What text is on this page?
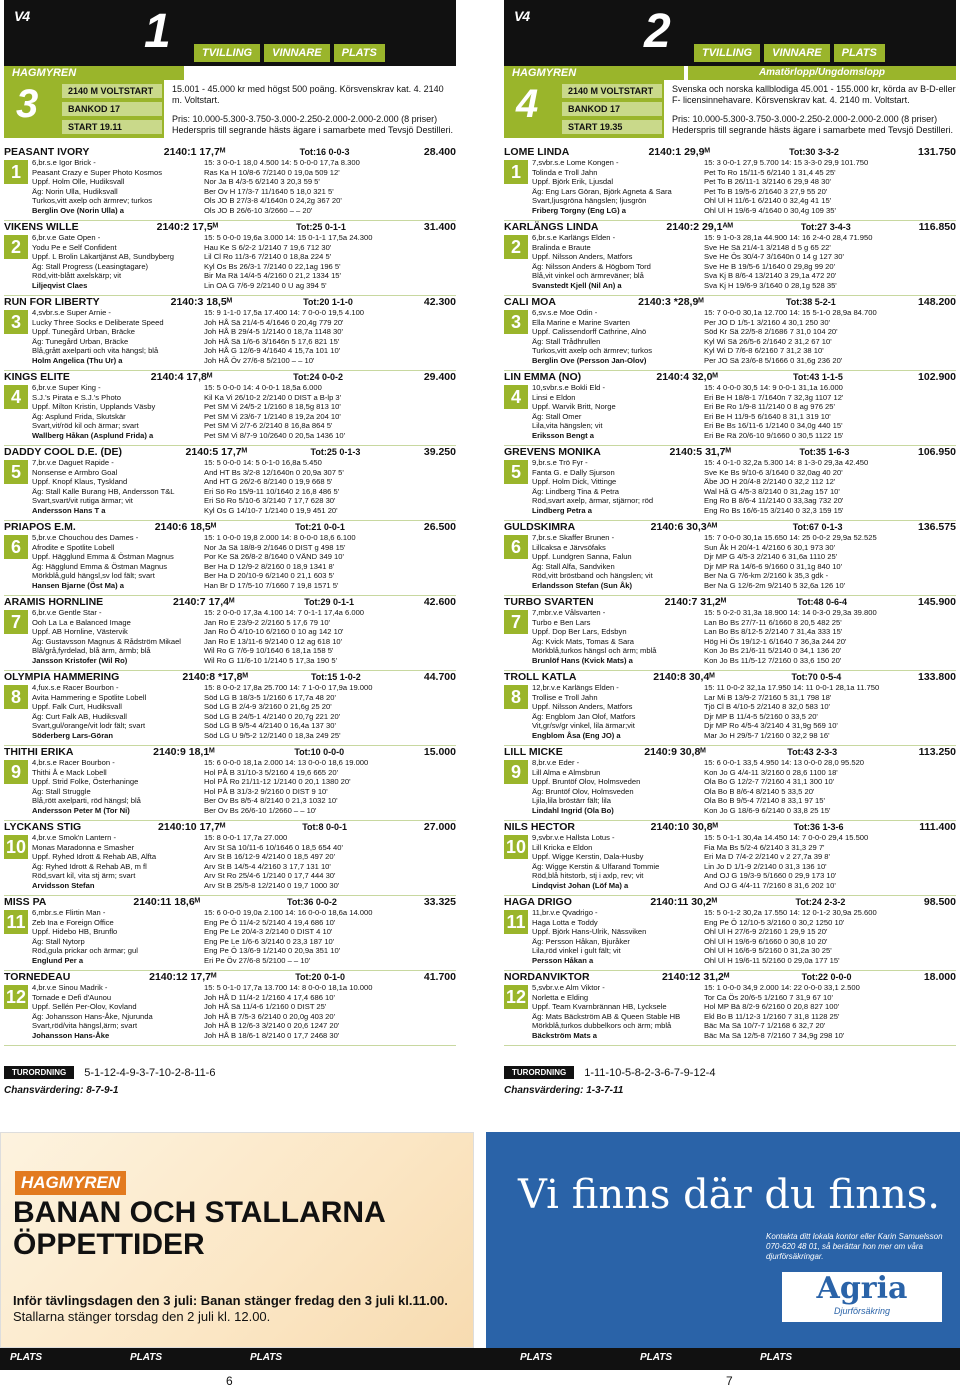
$^{V4}$ 1	TVILLING	VINNARE	PLATS
HAGMYREN
3	2140 M VOLTSTART
BANKOD 17
START 19.11
15.001 - 45.000 kr med högst 500 poäng. Körsvenskrav kat. 4. 2140 m. Voltstart.
Pris: 10.000-5.300-3.750-3.000-2.250-2.000-2.000-2.000 (8 priser)
Hederspris till segrande hästs ägare i samarbete med Tevsjö Destilleri.
PEASANT IVORY	2140:1 17,7ᴹ	Tot:16 0-0-3	28.400
1	6,br.s.e Igor Brick -
Peasant Crazy e Super Photo Kosmos
Uppf. Holm Olle, Hudiksvall
Äg: Norin Ulla, Hudiksvall
Turkos,vitt axelp och ärmrev; turkos
Berglin Ove (Norin Ulla) a
15: 3 0-0-1 18,0 4.500 14: 5 0-0-0 17,7a 8.300
Ras Ka H 10/8-6 7/2140 0 19,0a 509 12'
Nor Ja B 4/3-5 6/2140 3 20,3 59 5'
Ber Ov H 17/3-7 11/1640 5 18,0 321 5'
Ols JO B 27/3-8 4/1640n 0 24,2g 367 20'
Ols JO B 26/6-10 3/2660 – – 20'
VIKENS WILLE	2140:2 17,5ᴹ	Tot:25 0-1-1	31.400
2	6,br.v.e Gate Open -
Yodu Pe e Self Confident
Uppf. L Brolin Läkartjänst AB, Sundbyberg
Äg: Stall Progress (Leasingtagare)
Röd,vitt-blått axelskärp; vit
Liljeqvist Claes
15: 5 0-0-0 19,6a 3.000 14: 15 0-1-1 17,5a 24.300
Hau Ke S 6/2-2 1/2140 7 19,6 712 30'
Lil Cl Ro 11/3-6 7/2140 0 18,8a 224 5'
Kyl Os Bs 26/3-1 7/2140 0 22,1ag 196 5'
Bir Ma Rä 14/4-5 4/2160 0 21,2 1334 15'
Lin OA G 7/6-9 2/2140 0 U ag 394 5'
RUN FOR LIBERTY	2140:3 18,5ᴹ	Tot:20 1-1-0	42.300
3	4,svbr.s.e Super Arnie -
Lucky Three Socks e Deliberate Speed
Uppf. Tunegård Urban, Bräcke
Äg: Tunegård Urban, Bräcke
Blå,grått axelparti och vita hängsl; blå
Holm Angelica (Thu Ur) a
15: 9 1-1-0 17,5a 17.400 14: 7 0-0-0 19,5 4.100
Joh HÅ Sä 21/4-5 4/1646 0 20,4g 779 20'
Joh HÅ B 29/4-5 1/2140 0 18,7a 1148 30'
Joh HÅ Sä 1/6-6 3/1646n 5 17,6 821 15'
Joh HÅ G 12/6-9 4/1640 4 15,7a 101 10'
Joh HÅ Öv 27/6-8 5/2100 – – 10'
KINGS ELITE	2140:4 17,8ᴹ	Tot:24 0-0-2	29.400
4	6,br.v.e Super King -
S.J.'s Pirata e S.J.'s Photo
Uppf. Milton Kristin, Upplands Väsby
Äg: Asplund Frida, Skutskär
Svart,vit/röd kil och ärmar; svart
Wallberg Håkan (Asplund Frida) a
15: 5 0-0-0 14: 4 0-0-1 18,5a 6.000
Kil Ka Vi 26/10-2 2/2140 0 DIST a B-lp 3'
Pet SM Vi 24/5-2 1/2160 8 18,5g 813 10'
Pet SM Vi 23/6-7 1/2140 8 19,2a 204 10'
Pet SM Vi 2/7-6 2/2140 8 16,8a 864 5'
Pet SM Vi 8/7-9 10/2640 0 20,5a 1436 10'
DADDY COOL D.E. (DE)	2140:5 17,7ᴹ	Tot:25 0-1-3	39.250
5	7,br.v.e Daguet Rapide -
Nonsense e Armbro Goal
Uppf. Knopf Klaus, Tyskland
Äg: Stall Kalle Burang HB, Andersson T&L
Svart,svart/vit rutiga ärmar; vit
Andersson Hans T a
15: 5 0-0-0 14: 5 0-1-0 16,8a 5.450
And HT Bs 3/2-8 12/1640n 0 20,9a 307 5'
And HT G 26/2-6 8/2140 0 19,9 668 5'
Eri Sö Ro 15/9-11 10/1640 2 16,8 486 5'
Eri Sö Ro 5/10-6 3/2140 7 17,7 628 30'
Kyl Os G 14/10-7 1/2140 0 19,9 451 20'
PRIAPOS E.M.	2140:6 18,5ᴹ	Tot:21 0-0-1	26.500
6	5,br.v.e Chouchou des Dames -
Afrodite e Spotlite Lobell
Uppf. Hägglund Emma & Östman Magnus
Äg: Hägglund Emma & Östman Magnus
Mörkblå,guld hängsl,sv lod fält; svart
Hansen Bjarne (Öst Ma) a
15: 1 0-0-0 19,8 2.000 14: 8 0-0-0 18,6 6.100
Nor Ja Sä 18/8-9 2/1646 0 DIST g 498 15'
Por Ke Sä 26/8-2 8/1640 0 VÄND 349 10'
Ber Ha D 12/9-2 8/2160 0 18,9 1341 8'
Ber Ha D 20/10-9 6/2140 0 21,1 603 5'
Han Br D 17/5-10 7/1660 7 19,8 1571 5'
ARAMIS HORNLINE	2140:7 17,4ᴹ	Tot:29 0-1-1	42.600
7	6,br.v.e Gentle Star -
Ooh La La e Balanced Image
Uppf. AB Hornline, Västervik
Äg: Gustavsson Magnus & Rådström Mikael
Blå/grå,fyrdelad, blå ärm, ärmb; blå
Jansson Kristofer (Wil Ro)
15: 2 0-0-0 17,3a 4.100 14: 7 0-1-1 17,4a 6.000
Jan Ro E 23/9-2 2/2160 5 17,6 79 10'
Jan Ro Ö 4/10-10 6/2160 0 10 ag 142 10'
Jan Ro E 13/11-6 9/2140 0 12 ag 618 10'
Wil Ro G 7/6-9 10/1640 6 18,1a 158 5'
Wil Ro G 11/6-10 1/2140 5 17,3a 190 5'
OLYMPIA HAMMERING	2140:8 *17,8ᴹ	Tot:15 1-0-2	44.700
8	4,fux.s.e Racer Bourbon -
Avita Hammering e Spotlite Lobell
Uppf. Falk Curt, Hudiksvall
Äg: Curt Falk AB, Hudiksvall
Svart,gul/orange/vit lodr fält; svart
Söderberg Lars-Göran
15: 8 0-0-2 17,8a 25.700 14: 7 1-0-0 17,9a 19.000
Söd LG B 18/3-5 1/2160 6 17,7a 48 20'
Söd LG B 2/4-9 3/2160 0 21,6g 25 20'
Söd LG B 24/5-1 4/2140 0 20,7g 221 20'
Söd LG B 9/5-4 4/2140 0 16,4a 137 30'
Söd LG U 9/5-2 12/2140 0 18,3a 249 25'
THITHI ERIKA	2140:9 18,1ᴹ	Tot:10 0-0-0	15.000
9	4,br.s.e Racer Bourbon -
Thithi Å e Mack Lobell
Uppf. Strid Folke, Österhaninge
Äg: Stall Struggle
Blå,rött axelparti, röd hängsl; blå
Andersson Peter M (Tor Ni)
15: 6 0-0-0 18,1a 2.000 14: 13 0-0-0 18,6 19.000
Hol PÅ B 31/10-3 5/2160 4 19,6 665 20'
Hol PÅ Ro 21/11-12 1/2140 0 20,1 1380 20'
Hol PÅ B 31/3-2 9/2160 0 DIST 9 10'
Ber Ov Bs 8/5-4 8/2140 0 21,3 1032 10'
Ber Ov Bs 26/6-10 1/2660 – – 10'
LYCKANS STIG	2140:10 17,7ᴹ	Tot:8 0-0-1	27.000
10 4,br.v.e Smok'n Lantern -
Monas Maradonna e Smasher
Uppf. Ryhed Idrott & Rehab AB, Alfta
Äg: Ryhed Idrott & Rehab AB, m fl
Röd,svart kil, vita stj ärm; svart
Arvidsson Stefan
15: 8 0-0-1 17,7a 27.000
Arv St Sä 10/11-6 10/1646 0 18,5 654 40'
Arv St B 16/12-9 4/2140 0 18,5 497 20'
Arv St B 14/5-4 4/2160 3 17,7 131 10'
Arv St Ro 25/4-6 1/2140 0 17,7 444 30'
Arv St B 25/5-8 12/2140 0 19,7 1000 30'
MISS PA	2140:11 18,6ᴹ	Tot:36 0-0-2	33.325
11 6,mbr.s.e Flirtin Man -
Zeb Ina e Foreign Office
Uppf. Hidebo HB, Brunflo
Äg: Stall Nytorp
Röd,gula prickar och ärmar; gul
Englund Per a
15: 6 0-0-0 19,0a 2.100 14: 16 0-0-0 18,6a 14.000
Eng Pe Ö 11/4-2 5/2140 4 19,4 686 10'
Eng Pe Le 20/4-3 2/2140 0 DIST 4 10'
Eng Pe Le 1/6-6 3/2140 0 23,3 187 10'
Eng Pe Ö 13/6-9 1/2140 0 20,9a 351 10'
Eri Pe Öv 27/6-8 5/2100 – – 10'
TORNEDEAU	2140:12 17,7ᴹ	Tot:20 0-1-0	41.700
12 4,br.v.e Sinou Madrik -
Tornade e Defi d'Aunou
Uppf. Sellén Per-Olov, Kovland
Äg: Johansson Hans-Åke, Njurunda
Svart,röd/vita hängsl,ärm; svart
Johansson Hans-Åke
15: 5 0-1-0 17,7a 13.700 14: 8 0-0-0 18,1a 10.000
Joh HÅ D 11/4-2 1/2160 4 17,4 686 10'
Joh HÅ Sä 11/4-6 1/2160 0 DIST 25'
Joh HÅ B 7/5-3 6/2140 0 20,0g 403 20'
Joh HÅ B 12/6-3 3/2140 0 20,6 1247 20'
Joh HÅ B 18/6-1 8/2140 0 17,7 2468 30'
TURORDNING	5-1-12-4-9-3-7-10-2-8-11-6
Chansvärdering: 8-7-9-1
$^{V4}$ 2	TVILLING	VINNARE	PLATS
HAGMYREN	Amatörlopp/Ungdomslopp
4	2140 M VOLTSTART
BANKOD 17
START 19.35
Svenska och norska kallblodiga 45.001 - 155.000 kr, körda av B-D-eller F- licensinnehavare. Körsvenskrav kat. 4. 2140 m. Voltstart.
Pris: 10.000-5.300-3.750-3.000-2.250-2.000-2.000-2.000 (8 priser)
Hederspris till segrande hästs ägare i samarbete med Tevsjö Destilleri.
LOME LINDA	2140:1 29,9ᴹ	Tot:30 3-3-2	131.750
1	7,svbr.s.e Lome Kongen -
Tolinda e Troll Jahn
Uppf. Björk Erik, Ljusdal
Äg: Eng Lars Göran, Björk Agneta & Sara
Svart,ljusgröna hängslen; ljusgrön
Friberg Torgny (Eng LG) a
15: 3 0-0-1 27,9 5.700 14: 15 3-3-0 29,9 101.750
Pet To Ro 15/11-5 6/2140 1 31,4 45 25'
Pet To B 26/11-1 3/2140 6 29,9 48 30'
Pet To B 19/5-6 2/1640 3 27,9 55 20'
Ohl Ul H 11/6-1 6/2140 0 32,4g 41 15'
Ohl Ul H 19/6-9 4/1640 0 30,4g 109 35'
KARLÄNGS LINDA	2140:2 29,1ᴬᴹ	Tot:27 3-4-3	116.850
2	6,br.s.e Karlängs Elden -
Bralinda e Braute
Uppf. Nilsson Anders, Matfors
Äg: Nilsson Anders & Högbom Tord
Blå,vit vinkel och ärmreväner; blå
Svanstedt Kjell (Nil An) a
15: 9 1-0-3 28,1a 44.900 14: 16 2-4-0 28,4 71.950
Sve He Sä 21/4-1 3/2148 d 5 g 65 22'
Sve He Ös 30/4-7 3/1640n 0 14 g 127 30'
Sve He B 19/5-6 1/1640 0 29,8g 99 20'
Sva Kj B 8/6-4 13/2140 3 29,1a 472 20'
Sva Kj H 19/6-9 3/1640 0 28,1g 528 35'
CALI MOA	2140:3 *28,9ᴹ	Tot:38 5-2-1	148.200
3	6,sv.s.e Moe Odin -
Ella Marine e Marine Svarten
Uppf. Calissendorff Cathrine, Alnö
Äg: Stall Trådhrullen
Turkos,vitt axelp och ärmrev; turkos
Berglin Ove (Persson Jan-Olov)
15: 7 0-0-0 30,1a 12.700 14: 15 5-1-0 28,9a 84.700
Per JO D 1/5-1 3/2160 4 30,1 250 30'
Söd Kr Sä 22/5-8 2/1686 7 31,0 104 20'
Kyl Wi Sä 26/5-6 2/1640 2 31,2 67 10'
Kyl Wi D 7/6-8 6/2160 7 31,2 38 10'
Per JO Sä 23/6-8 5/1666 0 31,6g 236 20'
LIN EMMA (NO)	2140:4 32,0ᴹ	Tot:43 1-1-5	102.900
4	10,svbr.s.e Bokli Eld -
Linsi e Eldon
Uppf. Warvik Britt, Norge
Äg: Stall Omer
Lila,vita hängslen; vit
Eriksson Bengt a
15: 4 0-0-0 30,5 14: 9 0-0-1 31,1a 16.000
Eri Be H 18/8-1 7/1640n 7 32,3g 1107 12'
Eri Be Ro 1/9-8 11/2140 0 8 ag 976 25'
Eri Be H 11/9-5 6/1640 8 31,1 319 10'
Eri Be Bs 16/11-6 1/2140 0 34,0g 440 15'
Eri Be Rä 20/6-10 9/1660 0 30,5 1122 15'
GREVENS MONIKA	2140:5 31,7ᴹ	Tot:35 1-6-3	106.950
5	9,br.s.e Trö Fyr -
Fanta G. e Dally Sjurson
Uppf. Holm Dick, Vittinge
Äg: Lindberg Tina & Petra
Röd,svart axelp, ärmar, stjärnor; röd
Lindberg Petra a
15: 4 0-1-0 32,2a 5.300 14: 8 1-3-0 29,3a 42.450
Sve Ke Bs 9/10-6 3/1640 0 32,0ag 40 20'
Äbe JO H 20/4-8 2/2140 0 32,2 112 12'
Wal Hå G 4/5-3 8/2140 0 31,2ag 157 10'
Eng Ro B 8/6-4 11/2140 0 33,3ag 732 20'
Eng Ro Bs 16/6-15 3/2140 0 32,3 159 15'
GULDSKIMRA	2140:6 30,3ᴬᴹ	Tot:67 0-1-3	136.575
6	7,br.s.e Skaffer Brunen -
Lillcaksa e Järvsöfaks
Uppf. Lundgren Sanna, Falun
Äg: Stall Alfa, Sandviken
Röd,vitt bröstband och hängslen; vit
Erlandsson Stefan (Sun Åk)
15: 7 0-0-0 30,1a 15.650 14: 25 0-0-2 29,9a 52.525
Sun Åk H 20/4-1 4/2160 6 30,1 973 30'
Djr MP G 4/5-3 2/2140 6 31,6a 1110 25'
Djr MP Rä 14/6-6 9/1660 0 31,1g 840 10'
Ber Na G 7/6-km 2/2160 k 35,3 gdk -
Ber Na G 12/6-2m 9/2140 5 32,6a 126 10'
TURBO SVARTEN	2140:7 31,2ᴹ	Tot:48 0-6-4	145.900
7	7,mbr.v.e Vålsvarten -
Turbo e Ben Lars
Uppf. Dop Ber Lars, Edsbyn
Äg: Kvick Mats, Tomas & Sara
Mörkblå,turkos hängsl och ärm; mblå
Brunlöf Hans (Kvick Mats) a
15: 5 0-2-0 31,3a 18.900 14: 14 0-3-0 29,3a 39.800
Lan Bo Bs 27/7-11 6/1660 8 20,5 482 25'
Lan Bo Bs 8/12-5 2/2140 7 31,4a 333 15'
Hög Hi Ös 19/12-1 6/1640 7 36,3a 244 20'
Kon Jo Bs 21/6-11 5/2140 0 34,1 136 20'
Kon Jo Bs 11/5-12 7/2160 0 33,6 150 20'
TROLL KATLA	2140:8 30,4ᴹ	Tot:70 0-5-4	133.800
8	12,br.v.e Karlängs Elden -
Trollise e Troll Jahn
Uppf. Nilsson Anders, Matfors
Äg: Engblom Jan Olof, Matfors
Vit,gr/sv/gr vinkel, lila ärmar;vit
Engblom Åsa (Eng JO) a
15: 11 0-0-2 32,1a 17.950 14: 11 0-0-1 28,1a 11.750
Lar Mi B 13/9-2 7/2160 5 31,1 798 18'
Tjö Cl B 4/10-5 2/2140 8 32,0 583 10'
Djr MP B 11/4-5 5/2160 0 33,5 20'
Djr MP Ro 4/5-4 3/2140 4 31,9g 569 10'
Mar Jo H 29/5-7 1/2160 0 32,2 98 16'
LILL MICKE	2140:9 30,8ᴹ	Tot:43 2-3-3	113.250
9	8,br.v.e Eder -
Lill Alma e Almsbrun
Uppf. Bruntöf Olov, Holmsveden
Äg: Bruntöf Olov, Holmsveden
Ljila,lila bröstärr fält; lila
Lindahl Ingrid (Ola Bo)
15: 6 0-0-1 33,5 4.950 14: 13 0-0-0 28,0 95.520
Kon Jo G 4/4-11 3/2160 0 28,6 1100 18'
Ola Bo G 12/2-7 7/2160 4 31,1 300 10'
Ola Bo B 8/6-4 8/2140 5 33,5 20'
Ola Bo B 9/5-4 7/2140 8 33,1 97 15'
Kon Jo G 18/6-9 6/2140 0 33,8 25 15'
NILS HECTOR	2140:10 30,8ᴹ	Tot:36 1-3-6	111.400
10 9,svbr.v.e Hallsta Lotus -
Lill Kricka e Eldon
Uppf. Wigge Kerstin, Dala-Husby
Äg: Wigge Kerstin & Ulfarand Tommie
Röd,blå hitstorb, stj i axlp, rev; vit
Lindqvist Johan (Löf Ma) a
15: 5 0-1-1 30,4a 14.450 14: 7 0-0-0 29,4 15.500
Fia Ma Bs 5/2-4 6/2140 3 31,3 29 7'
Eri Ma D 7/4-2 2/2140 v 2 27,7a 39 8'
Lin Jo D 1/1-9 2/2140 0 31,3 136 10'
And OJ G 19/3-9 5/1660 0 29,9 173 10'
And OJ G 4/4-11 7/2160 8 31,6 202 10'
HAGA DRIGO	2140:11 30,2ᴹ	Tot:24 2-3-2	98.500
11 11,br.v.e Qvadrigo -
Haga Lotta e Toddy
Uppf. Björk Hans-Ulrik, Nässviken
Äg: Persson Håkan, Bjuråker
Lila,röd vinkel i gult fält; vit
Persson Håkan a
15: 5 0-1-2 30,2a 17.550 14: 12 0-1-2 30,9a 25.600
Eng Pe Ö 12/10-5 3/2160 0 30,2 1250 10'
Ohl Ul H 27/6-9 2/2160 1 29,9 15 20'
Ohl Ul H 19/6-9 6/1660 0 30,8 10 20'
Ohl Ul H 16/6-9 5/2160 0 31,2a 30 25'
Ohl Ul H 19/6-11 5/2160 0 29,0a 177 15'
NORDANVIKTOR	2140:12 31,2ᴹ	Tot:22 0-0-0	18.000
12 5,svbr.v.e Alm Viktor -
Norletta e Elding
Uppf. Team Kvarnbrännan HB, Lycksele
Äg: Mats Bäckström AB & Queen Stable HB
Mörkblå,turkos dubbelkors och ärm; mblå
Bäckström Mats a
15: 1 0-0-0 34,9 2.000 14: 22 0-0-0 33,1 2.500
Tor Ca Ös 20/6-5 1/2160 7 31,9 67 10'
Hol MP Bä 8/2-9 6/2160 0 20,8 827 100'
Ekl Bo B 11/12-3 1/2160 7 31,8 1128 25'
Bäc Ma Sä 10/7-7 1/2168 6 32,7 20'
Bäc Ma Sä 12/5-8 7/2160 7 34,9g 298 10'
TURORDNING	1-11-10-5-8-2-3-6-7-9-12-4
Chansvärdering: 1-3-7-11
HAGMYREN
BANAN OCH STALLARNA ÖPPETTIDER
Inför tävlingsdagen den 3 juli: Banan stänger fredag den 3 juli kl.11.00.
Stallarna stänger torsdag den 2 juli kl. 12.00.
Vi finns där du finns.
Kontakta ditt lokala kontor eller Karin Samuelsson 070-620 48 01, så berättar hon mer om våra djurförsäkringar.
Agria
Djurförsäkring
PLATS	PLATS	PLATS	PLATS	PLATS	PLATS
6	7
